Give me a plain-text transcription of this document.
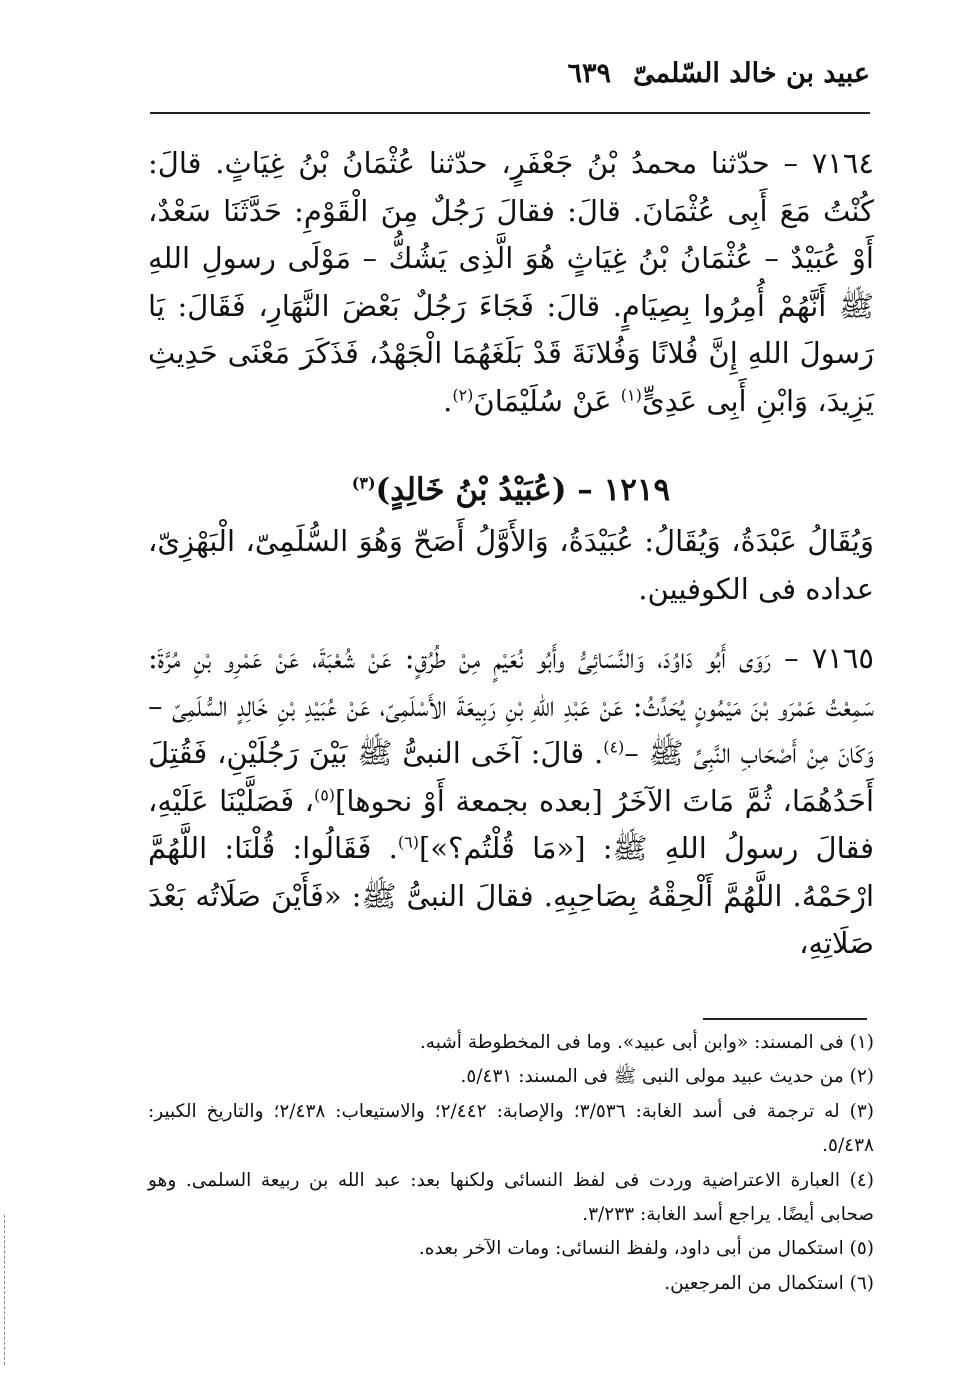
عبيد بن خالد السّلمىّ
٦٣٩

٧١٦٤ – حدّثنا محمدُ بْنُ جَعْفَرٍ، حدّثنا عُثْمَانُ بْنُ غِيَاثٍ. قالَ: كُنْتُ مَعَ أَبِى عُثْمَانَ. قالَ: فقالَ رَجُلٌ مِنَ الْقَوْمِ: حَدَّثَنَا سَعْدٌ، أَوْ عُبَيْدٌ – عُثْمَانُ بْنُ غِيَاثٍ هُوَ الَّذِى يَشُكُّ – مَوْلَى رسولِ اللهِ ﷺ أَنَّهُمْ أُمِرُوا بِصِيَامٍ. قالَ: فَجَاءَ رَجُلٌ بَعْضَ النَّهَارِ، فَقَالَ: يَا رَسولَ اللهِ إِنَّ فُلانًا وَفُلانَةَ قَدْ بَلَغَهُمَا الْجَهْدُ، فَذَكَرَ مَعْنَى حَدِيثِ يَزِيدَ، وَابْنِ أَبِى عَدِىٍّ$^{(١)}$ عَنْ سُلَيْمَانَ$^{(٢)}$.

١٢١٩ – (عُبَيْدُ بْنُ خَالِدٍ)$^{(٣)}$

وَيُقَالُ عَبْدَةُ، وَيُقَالُ: عُبَيْدَةُ، وَالأَوَّلُ أَصَحّ وَهُوَ السُّلَمِىّ، الْبَهْزِىّ، عداده فى الكوفيين.

٧١٦٥ – رَوَى أَبُو دَاوُدَ، وَالنَّسَائِىُّ وأَبُو نُعَيْمٍ مِنْ طُرُقٍ: عَنْ شُعْبَةَ، عَنْ عَمْرِو بْنِ مُرَّةَ: سَمِعْتُ عَمْرَو بْنَ مَيْمُونٍ يُحَدِّثُ: عَنْ عَبْدِ اللهِ بْنِ رَبِيعَةَ الأَسْلَمِىّ، عَنْ عُبَيْدِ بْنِ خَالِدٍ السُّلَمِىّ – وَكَانَ مِنْ أَصْحَابِ النَّبِىِّ ﷺ –$^{(٤)}$. قالَ: آخَى النبىُّ ﷺ بَيْنَ رَجُلَيْنِ، فَقُتِلَ أَحَدُهُمَا، ثُمَّ مَاتَ الآخَرُ [بعده بجمعة أَوْ نحوها]$^{(٥)}$، فَصَلَّيْنَا عَلَيْهِ، فقالَ رسولُ اللهِ ﷺ: [«مَا قُلْتُم؟»]$^{(٦)}$. فَقَالُوا: قُلْنَا: اللَّهُمَّ ارْحَمْهُ. اللَّهُمَّ أَلْحِقْهُ بِصَاحِبِهِ. فقالَ النبىُّ ﷺ: «فَأَيْنَ صَلَاتُه بَعْدَ صَلَاتِهِ،

(١) فى المسند: «وابن أبى عبيد». وما فى المخطوطة أشبه.

(٢) من حديث عبيد مولى النبى ﷺ فى المسند: ٥/٤٣١.

(٣) له ترجمة فى أسد الغابة: ٣/٥٣٦؛ والإصابة: ٢/٤٤٢؛ والاستيعاب: ٢/٤٣٨؛ والتاريخ الكبير: ٥/٤٣٨.

(٤) العبارة الاعتراضية وردت فى لفظ النسائى ولكنها بعد: عبد الله بن ربيعة السلمى. وهو صحابى أيضًا. يراجع أسد الغابة: ٣/٢٣٣.

(٥) استكمال من أبى داود، ولفظ النسائى: ومات الآخر بعده.

(٦) استكمال من المرجعين.
